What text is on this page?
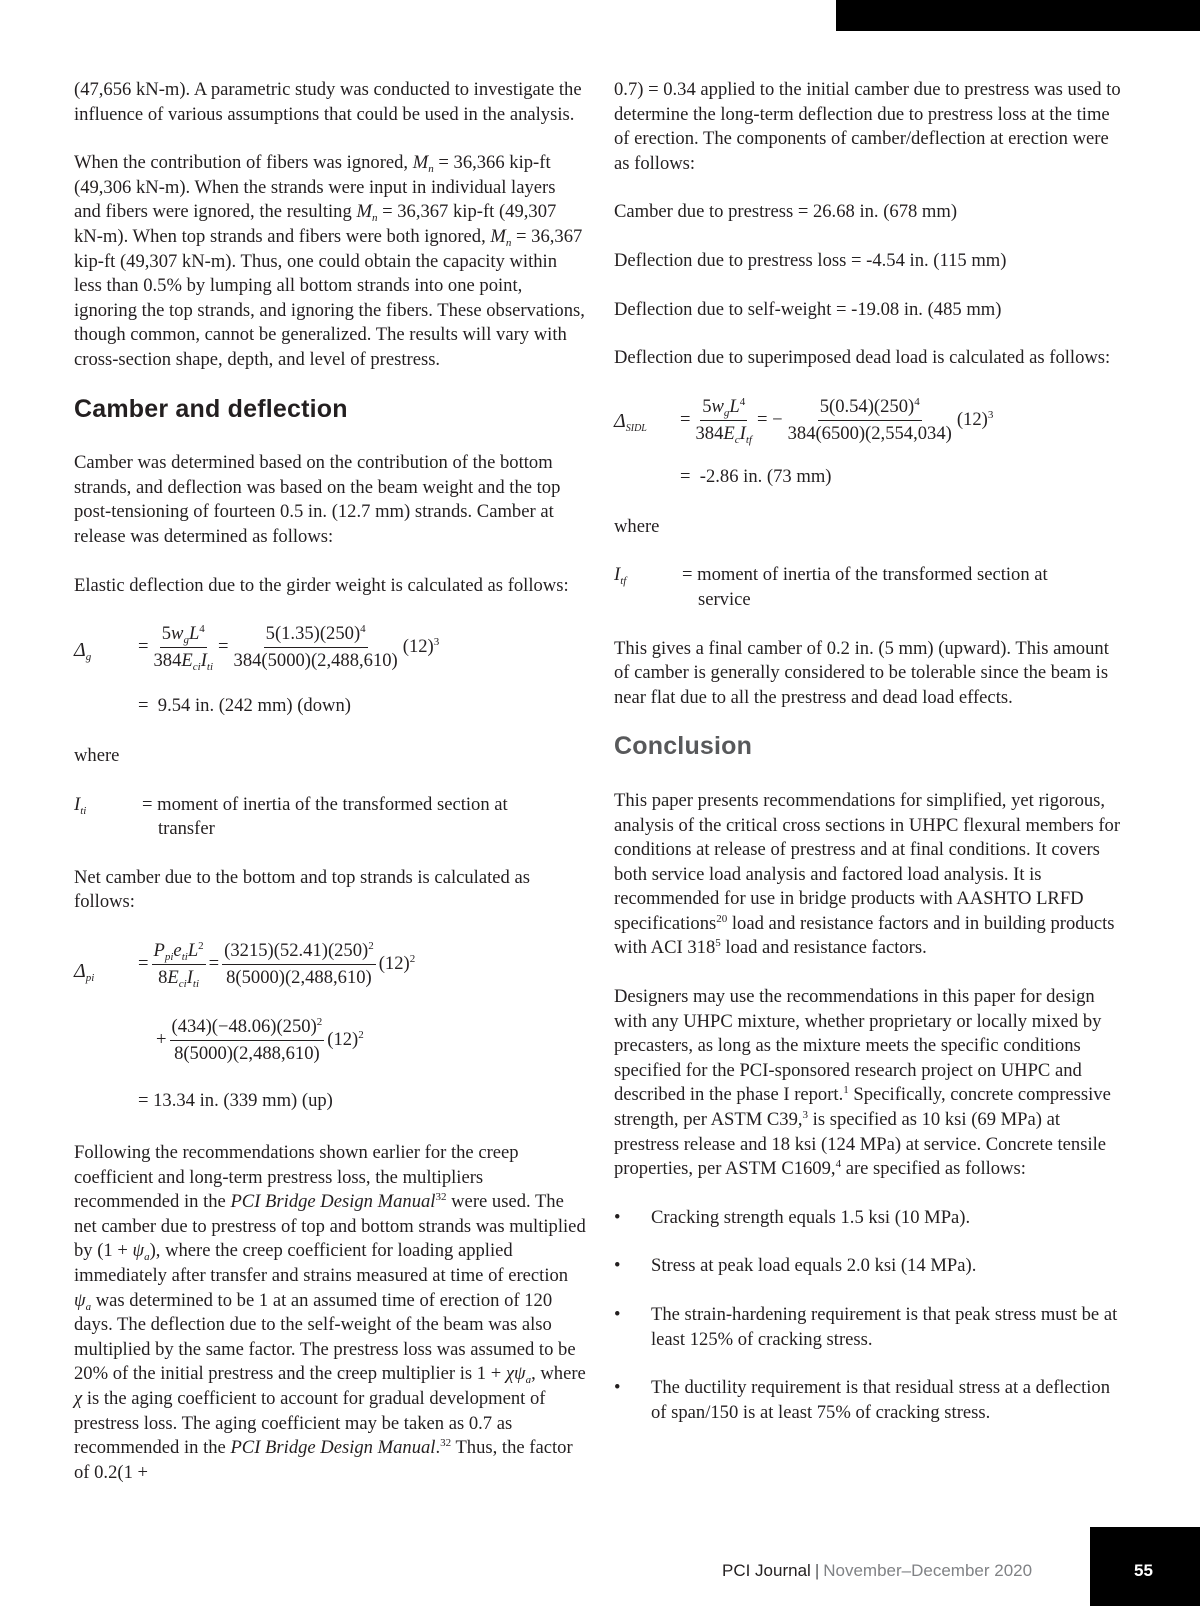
(47,656 kN-m). A parametric study was conducted to investigate the influence of various assumptions that could be used in the analysis.

When the contribution of fibers was ignored, $M_n = 36,366$ kip-ft (49,306 kN-m). When the strands were input in individual layers and fibers were ignored, the resulting $M_n = 36,367$ kip-ft (49,307 kN-m). When top strands and fibers were both ignored, $M_n = 36,367$ kip-ft (49,307 kN-m). Thus, one could obtain the capacity within less than 0.5% by lumping all bottom strands into one point, ignoring the top strands, and ignoring the fibers. These observations, though common, cannot be generalized. The results will vary with cross-section shape, depth, and level of prestress.

Camber and deflection

Camber was determined based on the contribution of the bottom strands, and deflection was based on the beam weight and the top post-tensioning of fourteen 0.5 in. (12.7 mm) strands. Camber at release was determined as follows:

Elastic deflection due to the girder weight is calculated as follows:

$\Delta_g$	= $\frac{5w_gL^4}{384E_{ci}I_{ti}} = \frac{5(1.35)(250)^4}{384(5000)(2,488,610)} (12)^3$
=  9.54 in. (242 mm) (down)

where

$I_{ti}$	= moment of inertia of the transformed section at
transfer

Net camber due to the bottom and top strands is calculated as follows:

$\Delta_{pi}$
= $\frac{P_{pi}e_{ti}L^2}{8E_{ci}I_{ti}} = \frac{(3215)(52.41)(250)^2}{8(5000)(2,488,610)} (12)^2$
+ $\frac{(434)(-48.06)(250)^2}{8(5000)(2,488,610)} (12)^2$
= 13.34 in. (339 mm) (up)

Following the recommendations shown earlier for the creep coefficient and long-term prestress loss, the multipliers recommended in the PCI Bridge Design Manual$^{32}$ were used. The net camber due to prestress of top and bottom strands was multiplied by $(1 + \psi_a)$, where the creep coefficient for loading applied immediately after transfer and strains measured at time of erection $\psi_a$ was determined to be 1 at an assumed time of erection of 120 days. The deflection due to the self-weight of the beam was also multiplied by the same factor. The prestress loss was assumed to be 20% of the initial prestress and the creep multiplier is $1 + \chi\psi_a$, where χ is the aging coefficient to account for gradual development of prestress loss. The aging coefficient may be taken as 0.7 as recommended in the PCI Bridge Design Manual.$^{32}$ Thus, the factor of 0.2(1 +

0.7) = 0.34 applied to the initial camber due to prestress was used to determine the long-term deflection due to prestress loss at the time of erection. The components of camber/deflection at erection were as follows:

Camber due to prestress = 26.68 in. (678 mm)

Deflection due to prestress loss = -4.54 in. (115 mm)

Deflection due to self-weight = -19.08 in. (485 mm)

Deflection due to superimposed dead load is calculated as follows:

$\Delta_{SIDL} = \frac{5w_gL^4}{384E_cI_{tf}}$ = − $\frac{5(0.54)(250)^4}{384(6500)(2,554,034)} (12)^3$
=  -2.86 in. (73 mm)

where

$I_{tf}$	= moment of inertia of the transformed section at
service

This gives a final camber of 0.2 in. (5 mm) (upward). This amount of camber is generally considered to be tolerable since the beam is near flat due to all the prestress and dead load effects.

Conclusion

This paper presents recommendations for simplified, yet rigorous, analysis of the critical cross sections in UHPC flexural members for conditions at release of prestress and at final conditions. It covers both service load analysis and factored load analysis. It is recommended for use in bridge products with AASHTO LRFD specifications$^{20}$ load and resistance factors and in building products with ACI $318^5$ load and resistance factors.

Designers may use the recommendations in this paper for design with any UHPC mixture, whether proprietary or locally mixed by precasters, as long as the mixture meets the specific conditions specified for the PCI-sponsored research project on UHPC and described in the phase I report.$^1$ Specifically, concrete compressive strength, per ASTM C39,$^3$ is specified as 10 ksi (69 MPa) at prestress release and 18 ksi (124 MPa) at service. Concrete tensile properties, per ASTM C1609,$^4$ are specified as follows:

• Cracking strength equals 1.5 ksi (10 MPa).
• Stress at peak load equals 2.0 ksi (14 MPa).
• The strain-hardening requirement is that peak stress must be at least 125% of cracking stress.
• The ductility requirement is that residual stress at a deflection of span/150 is at least 75% of cracking stress.
PCI Journal | November–December 2020	55
